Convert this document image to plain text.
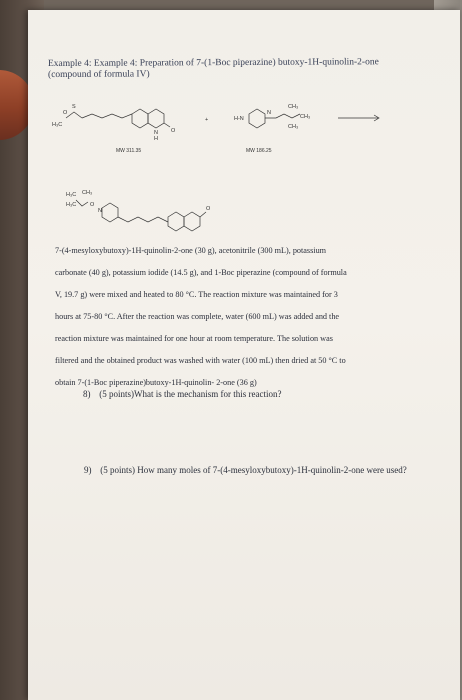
Example 4: Example 4: Preparation of 7-(1-Boc piperazine) butoxy-1H-quinolin-2-one
(compound of formula IV)
H₃C
S
O
O
N
H
MW 311.35
+	H-N
N
CH₃
CH₃
CH₃
MW 186.25
H₃C CH₃
H₃C	O
N	O

7-(4-mesyloxybutoxy)-1H-quinolin-2-one (30 g), acetonitrile (300 mL), potassium

carbonate (40 g), potassium iodide (14.5 g), and 1-Boc piperazine (compound of formula

V, 19.7 g) were mixed and heated to 80 °C. The reaction mixture was maintained for 3

hours at 75-80 °C. After the reaction was complete, water (600 mL) was added and the

reaction mixture was maintained for one hour at room temperature. The solution was

filtered and the obtained product was washed with water (100 mL) then dried at 50 °C to

obtain 7-(1-Boc piperazine)butoxy-1H-quinolin- 2-one (36 g)

8) (5 points)What is the mechanism for this reaction?
9) (5 points) How many moles of 7-(4-mesyloxybutoxy)-1H-quinolin-2-one were used?
